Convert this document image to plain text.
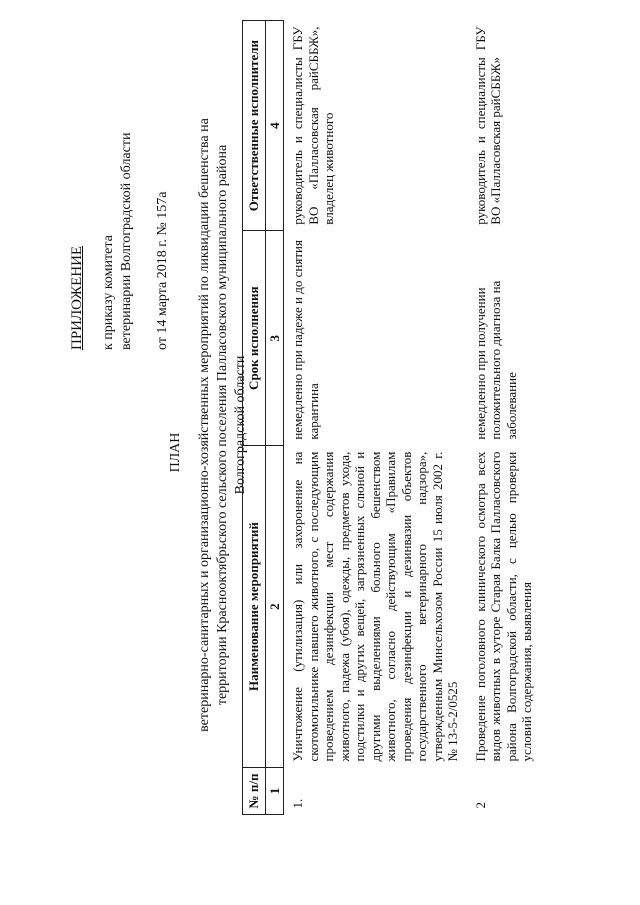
ПРИЛОЖЕНИЕ к приказу комитета ветеринарии Волгоградской области от 14 марта 2018 г. № 157а
ПЛАН ветеринарно-санитарных и организационно-хозяйственных мероприятий по ликвидации бешенства на территории Краснооктябрьского сельского поселения Палласовского муниципального района Волгоградской области
№ п/п	Наименование мероприятий	Срок исполнения	Ответственные исполнители
1	2	3	4
1.	Уничтожение (утилизация) или захоронение на скотомогильнике павшего животного, с последующим проведением дезинфекции мест содержания животного, падежа (убоя), одежды, предметов ухода, подстилки и других вещей, загрязненных слюной и другими выделениями больного бешенством животного, согласно действующим «Правилам проведения дезинфекции и дезинвазии объектов государственного ветеринарного надзора», утвержденным Минсельхозом России 15 июля 2002 г. № 13-5-2/0525	немедленно при падеже и до снятия карантина	руководитель и специалисты ГБУ ВО «Палласовская райСББЖ», владелец животного
2	Проведение поголовного клинического осмотра всех видов животных в хуторе Старая Балка Палласовского района Волгоградской области, с целью проверки условий содержания, выявления	немедленно при получении положительного диагноза на заболевание	руководитель и специалисты ГБУ ВО «Палласовская райСББЖ»
